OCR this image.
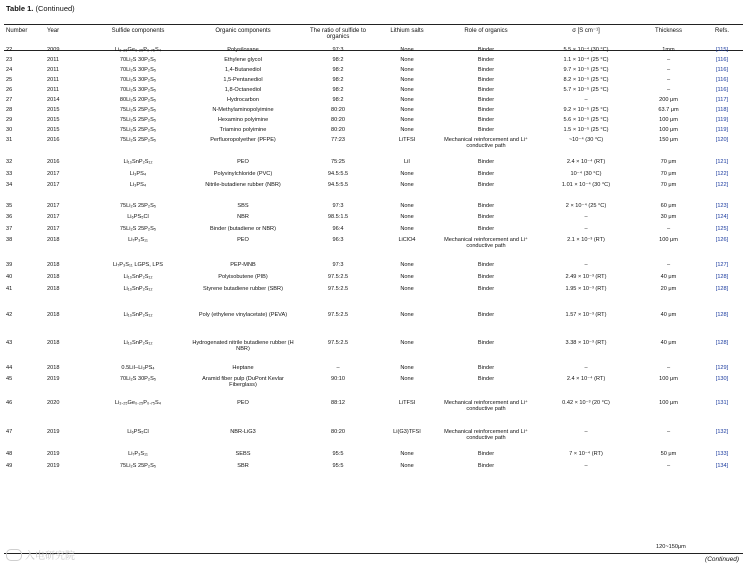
Table 1. (Continued)
Number	Year	Sulfide components	Organic components	The ratio of sulfide to organics	Lithium salts	Role of organics	σ [S cm⁻¹]	Thickness	Refs.
22	2009	Li₃.₂₅Ge₀.₂₅P₀.₇₅S₄	Polysiloxane	97:3	None	Binder	5.5 × 10⁻⁴ (30 °C)	1mm	[115]
23	2011	70Li₂S 30P₂S₅	Ethylene glycol	98:2	None	Binder	1.1 × 10⁻⁴ (25 °C)	–	[116]
24	2011	70Li₂S 30P₂S₅	1,4-Butanediol	98:2	None	Binder	9.7 × 10⁻⁵ (25 °C)	–	[116]
25	2011	70Li₂S 30P₂S₅	1,5-Pentanediol	98:2	None	Binder	8.2 × 10⁻⁵ (25 °C)	–	[116]
26	2011	70Li₂S 30P₂S₅	1,8-Octanediol	98:2	None	Binder	5.7 × 10⁻⁵ (25 °C)	–	[116]
27	2014	80Li₂S 20P₂S₅	Hydrocarbon	98:2	None	Binder	–	200 μm	[117]
28	2015	75Li₂S 25P₂S₅	N-Methylaminopolyimine	80:20	None	Binder	9.2 × 10⁻⁵ (25 °C)	63.7 μm	[118]
29	2015	75Li₂S 25P₂S₅	Hexamino polyimine	80:20	None	Binder	5.6 × 10⁻⁵ (25 °C)	100 μm	[119]
30	2015	75Li₂S 25P₂S₅	Triamino polyimine	80:20	None	Binder	1.5 × 10⁻⁵ (25 °C)	100 μm	[119]
31	2016	75Li₂S 25P₂S₅	Perfluoropolyether (PFPE)	77:23	LiTFSI	Mechanical reinforcement and Li⁺ conductive path	~10⁻⁴ (30 °C)	150 μm	[120]
32	2016	Li₁₀SnP₂S₁₂	PEO	75:25	LiI	Binder	2.4 × 10⁻⁴ (RT)	70 μm	[121]
33	2017	Li₃PS₄	Polyvinylchloride (PVC)	94.5:5.5	None	Binder	10⁻⁴ (30 °C)	70 μm	[122]
34	2017	Li₃PS₄	Nitrile-butadiene rubber (NBR)	94.5:5.5	None	Binder	1.01 × 10⁻⁴ (30 °C)	70 μm	[122]
35	2017	75Li₂S 25P₂S₅	SBS	97:3	None	Binder	2 × 10⁻⁴ (25 °C)	60 μm	[123]
36	2017	Li₆PS₅Cl	NBR	98.5:1.5	None	Binder	–	30 μm	[124]
37	2017	75Li₂S 25P₂S₅	Binder (butadiene or NBR)	96:4	None	Binder	–	–	[125]
38	2018	Li₇P₃S₁₁	PEO	96:3	LiClO4	Mechanical reinforcement and Li⁺ conductive path	2.1 × 10⁻³ (RT)	100 μm	[126]
39	2018	Li₇P₃S₁₁ LGPS, LPS	PEP-MNB	97:3	None	Binder	–	–	[127]
40	2018	Li₁₀SnP₂S₁₂	Polyisobutene (PIB)	97.5:2.5	None	Binder	2.49 × 10⁻³ (RT)	40 μm	[128]
41	2018	Li₁₀SnP₂S₁₂	Styrene butadiene rubber (SBR)	97.5:2.5	None	Binder	1.95 × 10⁻³ (RT)	20 μm	[128]
42	2018	Li₁₀SnP₂S₁₂	Poly (ethylene vinylacetate) (PEVA)	97.5:2.5	None	Binder	1.57 × 10⁻³ (RT)	40 μm	[128]
43	2018	Li₁₀SnP₂S₁₂	Hydrogenated nitrile butadiene rubber (H NBR)	97.5:2.5	None	Binder	3.38 × 10⁻³ (RT)	40 μm	[128]
44	2018	0.5LiI–Li₃PS₄	Heptane	–	None	Binder	–	–	[129]
45	2019	70Li₂S 30P₂S₅	Aramid fiber pulp (DuPont Kevlar Fiberglass)	90:10	None	Binder	2.4 × 10⁻⁴ (RT)	100 μm	[130]
46	2020	Li₃.₂₅Ge₀.₂₅P₀.₇₅S₄	PEO	88:12	LiTFSI	Mechanical reinforcement and Li⁺ conductive path	0.42 × 10⁻³ (20 °C)	100 μm	[131]
47	2019	Li₆PS₅Cl	NBR-LiG3	80:20	Li(G3)TFSI	Mechanical reinforcement and Li⁺ conductive path	–	–	[132]
48	2019	Li₇P₃S₁₁	SEBS	95:5	None	Binder	7 × 10⁻⁴ (RT)	50 μm	[133]
49	2019	75Li₂S 25P₂S₅	SBR	95:5	None	Binder	–	–	[134]
120~150μm
(Continued)
入电研究院
